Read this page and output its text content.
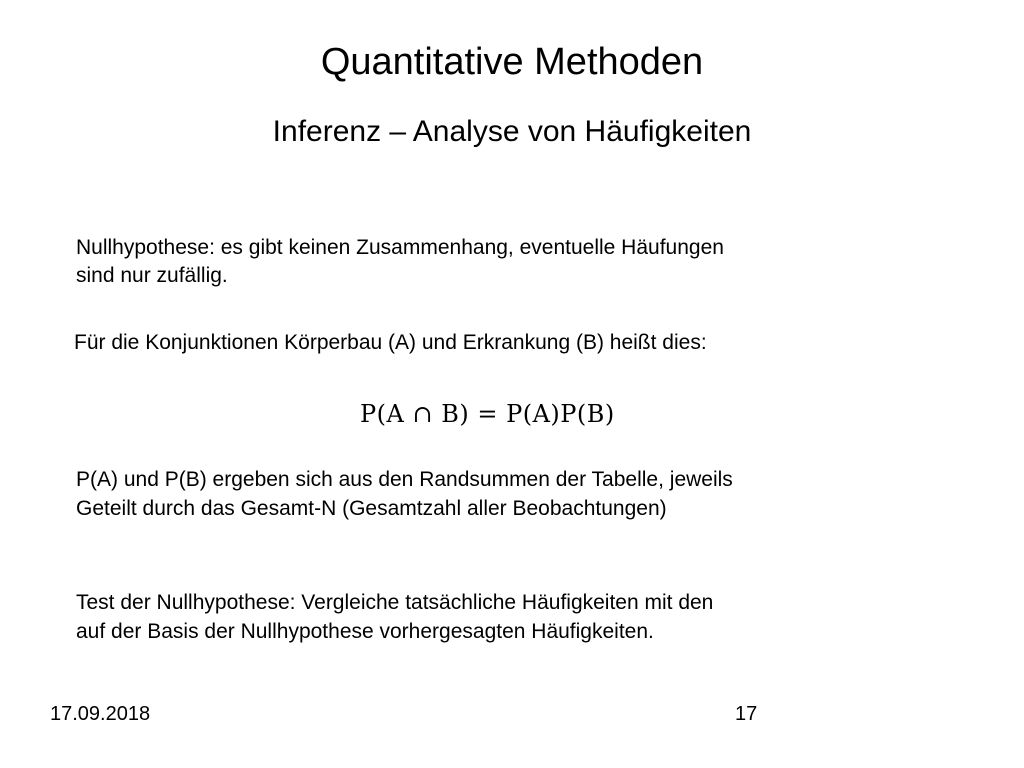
Quantitative Methoden
Inferenz – Analyse von Häufigkeiten

Nullhypothese: es gibt keinen Zusammenhang, eventuelle Häufungen

sind nur zufällig.

Für die Konjunktionen Körperbau (A) und Erkrankung (B) heißt dies:

P(A ∩ B) = P(A)P(B)

P(A) und P(B) ergeben sich aus den Randsummen der Tabelle, jeweils

Geteilt durch das Gesamt-N (Gesamtzahl aller Beobachtungen)

Test der Nullhypothese: Vergleiche tatsächliche Häufigkeiten mit den

auf der Basis der Nullhypothese vorhergesagten Häufigkeiten.

17.09.2018	17
